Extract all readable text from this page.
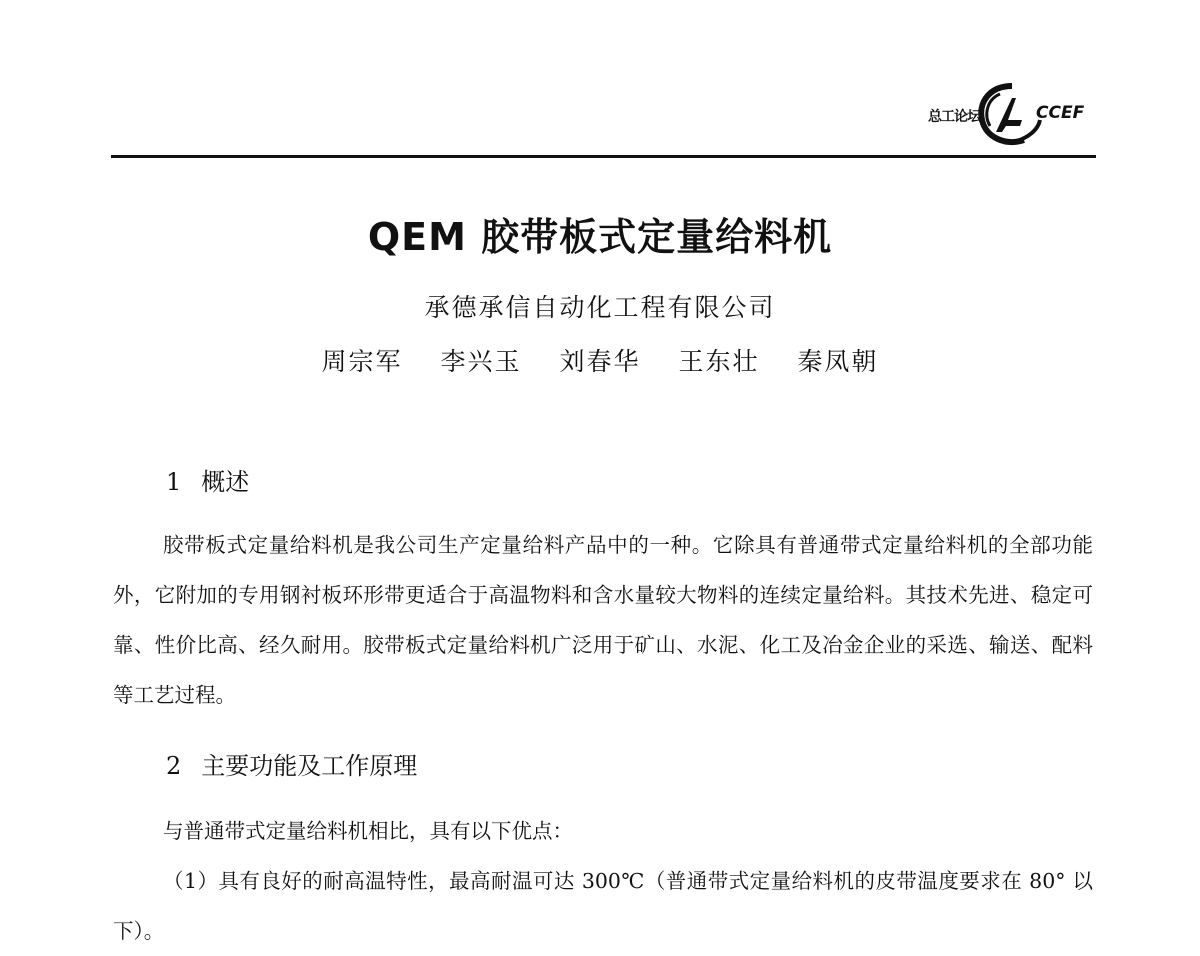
总工论坛	CCEF
QEM 胶带板式定量给料机
承德承信自动化工程有限公司
周宗军 李兴玉 刘春华 王东壮 秦凤朝
1 概述

胶带板式定量给料机是我公司生产定量给料产品中的一种。它除具有普通带式定量给料机的全部功能外，它附加的专用钢衬板环形带更适合于高温物料和含水量较大物料的连续定量给料。其技术先进、稳定可靠、性价比高、经久耐用。胶带板式定量给料机广泛用于矿山、水泥、化工及冶金企业的采选、输送、配料等工艺过程。

2 主要功能及工作原理

与普通带式定量给料机相比，具有以下优点：

（1）具有良好的耐高温特性，最高耐温可达 300℃（普通带式定量给料机的皮带温度要求在 80° 以下）。
